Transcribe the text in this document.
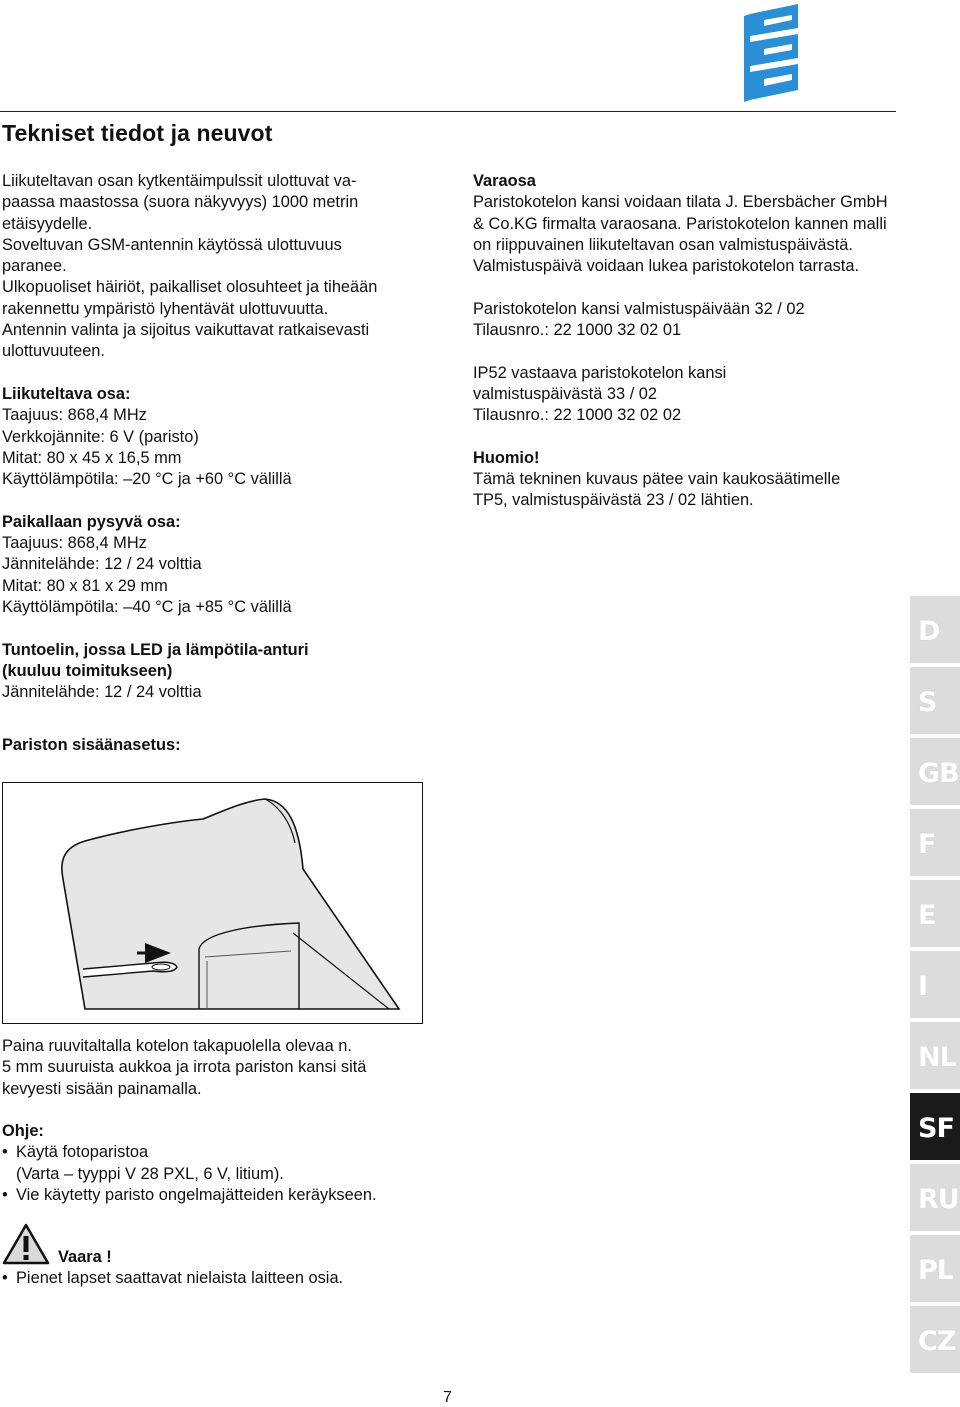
Tekniset tiedot ja neuvot

Liikuteltavan osan kytkentäimpulssit ulottuvat va-

paassa maastossa (suora näkyvyys) 1000 metrin

etäisyydelle.

Soveltuvan GSM-antennin käytössä ulottuvuus

paranee.

Ulkopuoliset häiriöt, paikalliset olosuhteet ja tiheään

rakennettu ympäristö lyhentävät ulottuvuutta.

Antennin valinta ja sijoitus vaikuttavat ratkaisevasti

ulottuvuuteen.

Liikuteltava osa:

Taajuus: 868,4 MHz

Verkkojännite: 6 V (paristo)

Mitat: 80 x 45 x 16,5 mm

Käyttölämpötila: –20 °C ja +60 °C välillä

Paikallaan pysyvä osa:

Taajuus: 868,4 MHz

Jännitelähde: 12 / 24 volttia

Mitat: 80 x 81 x 29 mm

Käyttölämpötila: –40 °C ja +85 °C välillä

Tuntoelin, jossa LED ja lämpötila-anturi

(kuuluu toimitukseen)

Jännitelähde: 12 / 24 volttia

Pariston sisäänasetus:

Paina ruuvitaltalla kotelon takapuolella olevaa n.

5 mm suuruista aukkoa ja irrota pariston kansi sitä

kevyesti sisään painamalla.

Ohje:

• Käytä fotoparistoa
(Varta – tyyppi V 28 PXL, 6 V, litium).
• Vie käytetty paristo ongelmajätteiden keräykseen.
Vaara !
• Pienet lapset saattavat nielaista laitteen osia.

Varaosa

Paristokotelon kansi voidaan tilata J. Ebersbächer GmbH

& Co.KG firmalta varaosana. Paristokotelon kannen malli

on riippuvainen liikuteltavan osan valmistuspäivästä.

Valmistuspäivä voidaan lukea paristokotelon tarrasta.

Paristokotelon kansi valmistuspäivään 32 / 02

Tilausnro.: 22 1000 32 02 01

IP52 vastaava paristokotelon kansi

valmistuspäivästä 33 / 02

Tilausnro.: 22 1000 32 02 02

Huomio!

Tämä tekninen kuvaus pätee vain kaukosäätimelle

TP5, valmistuspäivästä 23 / 02 lähtien.

D
S
GB
F
E
I
NL
SF
RU
PL
CZ
7
